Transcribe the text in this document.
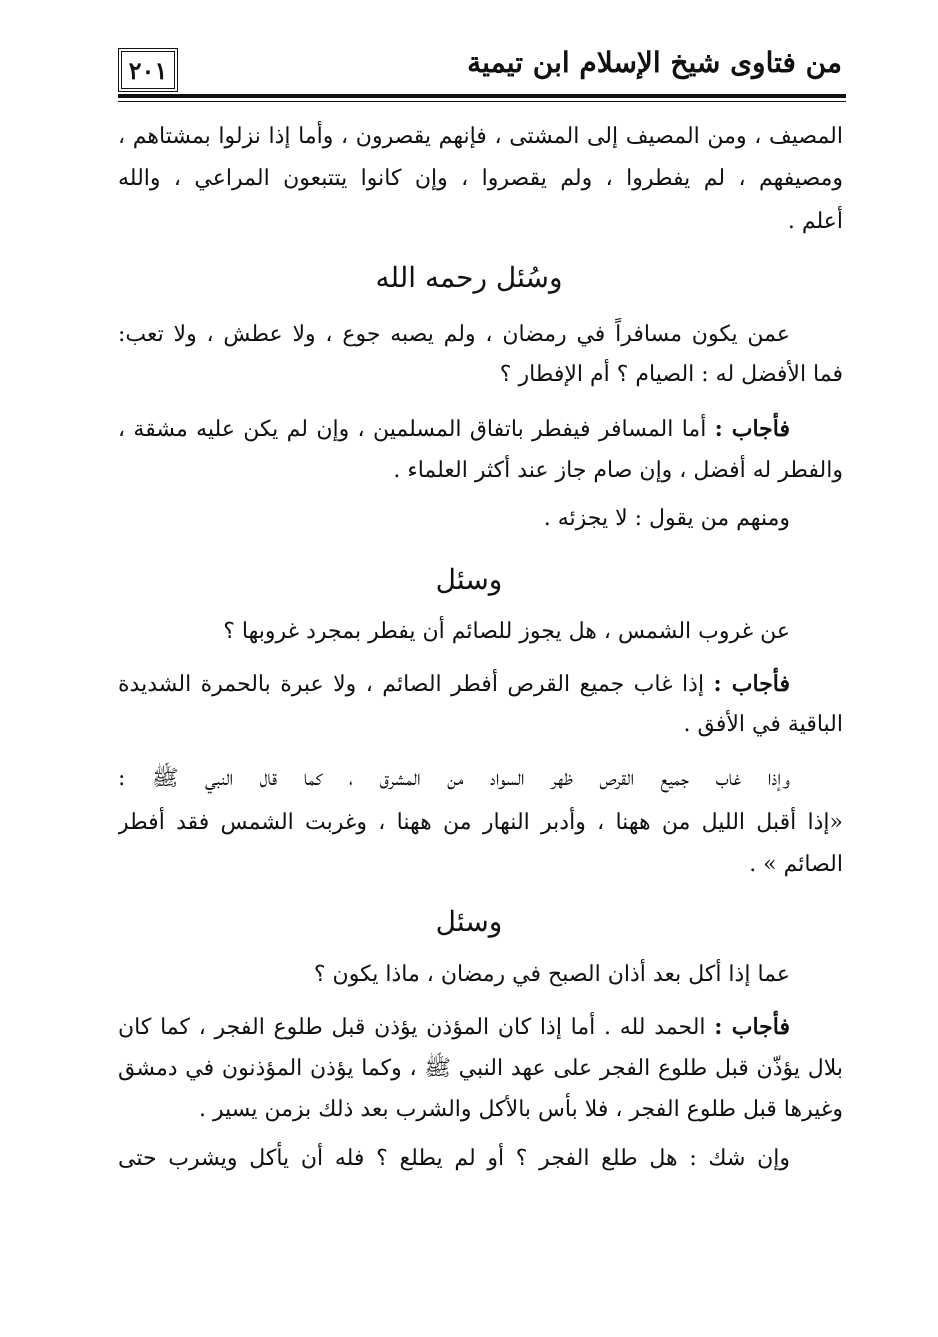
من فتاوى شيخ الإسلام ابن تيمية
٢٠١
المصيف ، ومن المصيف إلى المشتى ، فإنهم يقصرون ، وأما إذا نزلوا بمشتاهم ،
ومصيفهم ، لم يفطروا ، ولم يقصروا ، وإن كانوا يتتبعون المراعي ، والله
أعلم .
وسُئل رحمه الله
عمن يكون مسافراً في رمضان ، ولم يصبه جوع ، ولا عطش ، ولا تعب:
فما الأفضل له : الصيام ؟ أم الإفطار ؟
فأجاب : أما المسافر فيفطر باتفاق المسلمين ، وإن لم يكن عليه مشقة ،
والفطر له أفضل ، وإن صام جاز عند أكثر العلماء .
ومنهم من يقول : لا يجزئه .
وسئل
عن غروب الشمس ، هل يجوز للصائم أن يفطر بمجرد غروبها ؟
فأجاب : إذا غاب جميع القرص أفطر الصائم ، ولا عبرة بالحمرة الشديدة
الباقية في الأفق .
وإذا غاب جميع القرص ظهر السواد من المشرق ، كما قال النبي ﷺ :
«إذا أقبل الليل من ههنا ، وأدبر النهار من ههنا ، وغربت الشمس فقد أفطر
الصائم » .
وسئل
عما إذا أكل بعد أذان الصبح في رمضان ، ماذا يكون ؟
فأجاب : الحمد لله . أما إذا كان المؤذن يؤذن قبل طلوع الفجر ، كما كان
بلال يؤذّن قبل طلوع الفجر على عهد النبي ﷺ ، وكما يؤذن المؤذنون في دمشق
وغيرها قبل طلوع الفجر ، فلا بأس بالأكل والشرب بعد ذلك بزمن يسير .
وإن شك : هل طلع الفجر ؟ أو لم يطلع ؟ فله أن يأكل ويشرب حتى
